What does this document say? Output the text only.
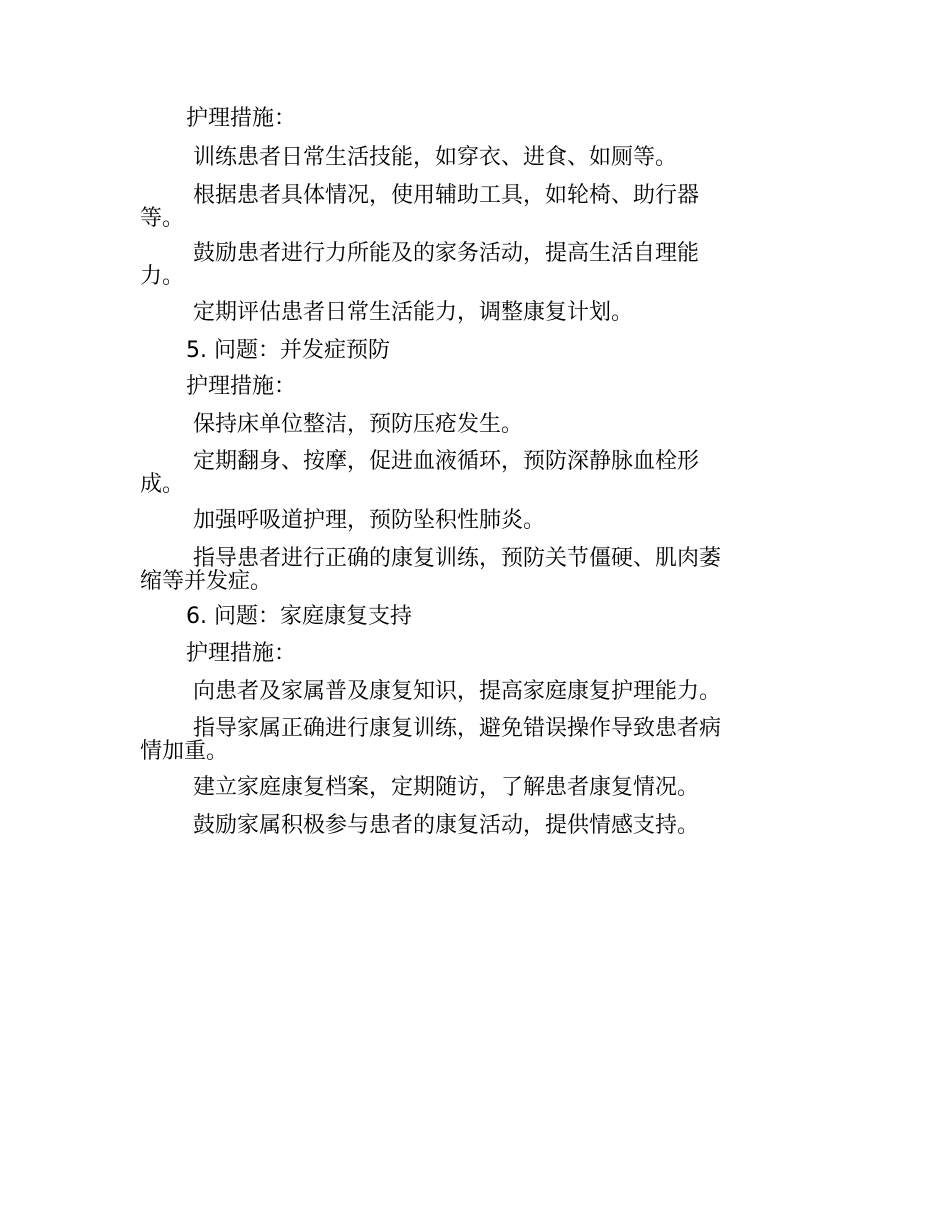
护理措施：
训练患者日常生活技能，如穿衣、进食、如厕等。
根据患者具体情况，使用辅助工具，如轮椅、助行器
等。
鼓励患者进行力所能及的家务活动，提高生活自理能
力。
定期评估患者日常生活能力，调整康复计划。
5. 问题：并发症预防
护理措施：
保持床单位整洁，预防压疮发生。
定期翻身、按摩，促进血液循环，预防深静脉血栓形
成。
加强呼吸道护理，预防坠积性肺炎。
指导患者进行正确的康复训练，预防关节僵硬、肌肉萎
缩等并发症。
6. 问题：家庭康复支持
护理措施：
向患者及家属普及康复知识，提高家庭康复护理能力。
指导家属正确进行康复训练，避免错误操作导致患者病
情加重。
建立家庭康复档案，定期随访，了解患者康复情况。
鼓励家属积极参与患者的康复活动，提供情感支持。
